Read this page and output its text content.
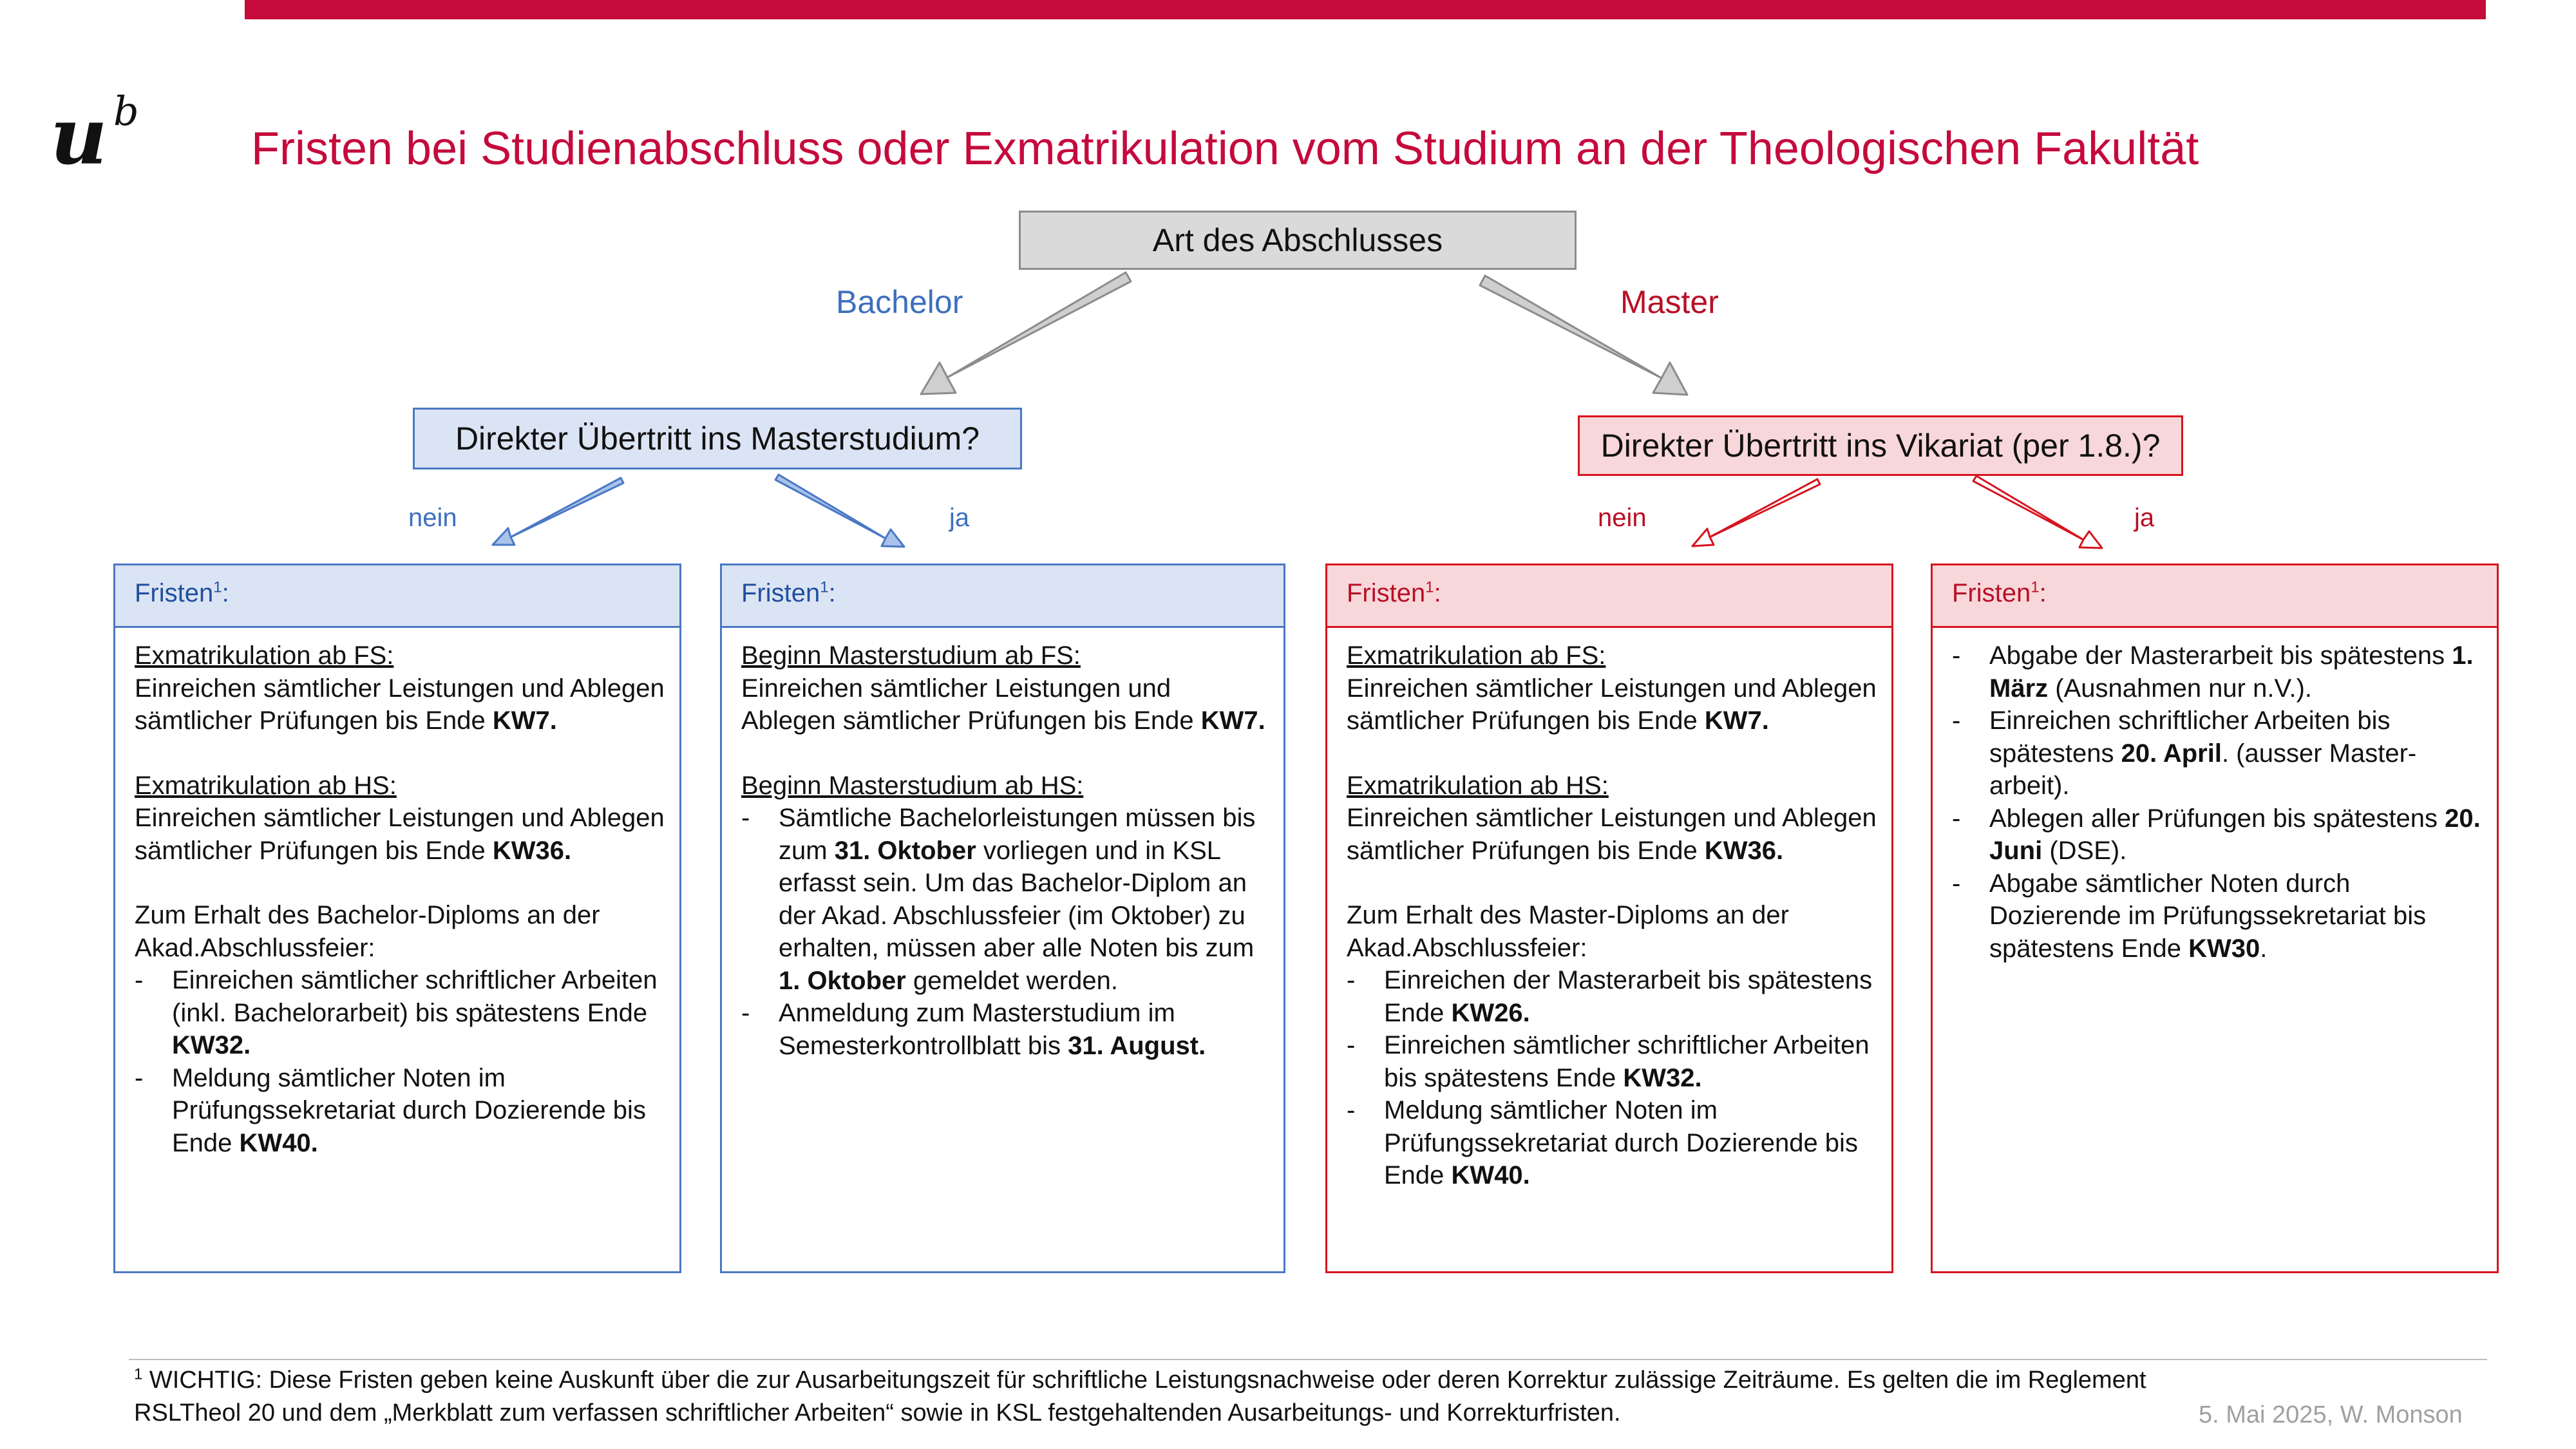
u b
Fristen bei Studienabschluss oder Exmatrikulation vom Studium an der Theologischen Fakultät
Art des Abschlusses
Bachelor	Master
Direkter Übertritt ins Masterstudium?	Direkter Übertritt ins Vikariat (per 1.8.)?
nein	ja	nein	ja
Fristen$^1$:
Exmatrikulation ab FS:
Einreichen sämtlicher Leistungen und Ablegen sämtlicher Prüfungen bis Ende KW7.
Exmatrikulation ab HS:
Einreichen sämtlicher Leistungen und Ablegen sämtlicher Prüfungen bis Ende KW36.
Zum Erhalt des Bachelor-Diploms an der Akad.Abschlussfeier:
- Einreichen sämtlicher schriftlicher Arbeiten (inkl. Bachelorarbeit) bis spätestens Ende KW32.
- Meldung sämtlicher Noten im Prüfungssekretariat durch Dozierende bis Ende KW40.
Fristen$^1$:
Beginn Masterstudium ab FS:
Einreichen sämtlicher Leistungen und Ablegen sämtlicher Prüfungen bis Ende KW7.
Beginn Masterstudium ab HS:
- Sämtliche Bachelorleistungen müssen bis zum 31. Oktober vorliegen und in KSL erfasst sein. Um das Bachelor-Diplom an der Akad. Abschlussfeier (im Oktober) zu erhalten, müssen aber alle Noten bis zum 1. Oktober gemeldet werden.
- Anmeldung zum Masterstudium im Semesterkontrollblatt bis 31. August.
Fristen$^1$:
Exmatrikulation ab FS:
Einreichen sämtlicher Leistungen und Ablegen sämtlicher Prüfungen bis Ende KW7.
Exmatrikulation ab HS:
Einreichen sämtlicher Leistungen und Ablegen sämtlicher Prüfungen bis Ende KW36.
Zum Erhalt des Master-Diploms an der Akad.Abschlussfeier:
- Einreichen der Masterarbeit bis spätestens Ende KW26.
- Einreichen sämtlicher schriftlicher Arbeiten bis spätestens Ende KW32.
- Meldung sämtlicher Noten im Prüfungssekretariat durch Dozierende bis Ende KW40.
Fristen$^1$:
- Abgabe der Masterarbeit bis spätestens 1. März (Ausnahmen nur n.V.).
- Einreichen schriftlicher Arbeiten bis spätestens 20. April. (ausser Master-arbeit).
- Ablegen aller Prüfungen bis spätestens 20. Juni (DSE).
- Abgabe sämtlicher Noten durch Dozierende im Prüfungssekretariat bis spätestens Ende KW30.
$^1$ WICHTIG: Diese Fristen geben keine Auskunft über die zur Ausarbeitungszeit für schriftliche Leistungsnachweise oder deren Korrektur zulässige Zeiträume. Es gelten die im Reglement RSLTheol 20 und dem „Merkblatt zum verfassen schriftlicher Arbeiten“ sowie in KSL festgehaltenden Ausarbeitungs- und Korrekturfristen.	5. Mai 2025, W. Monson
